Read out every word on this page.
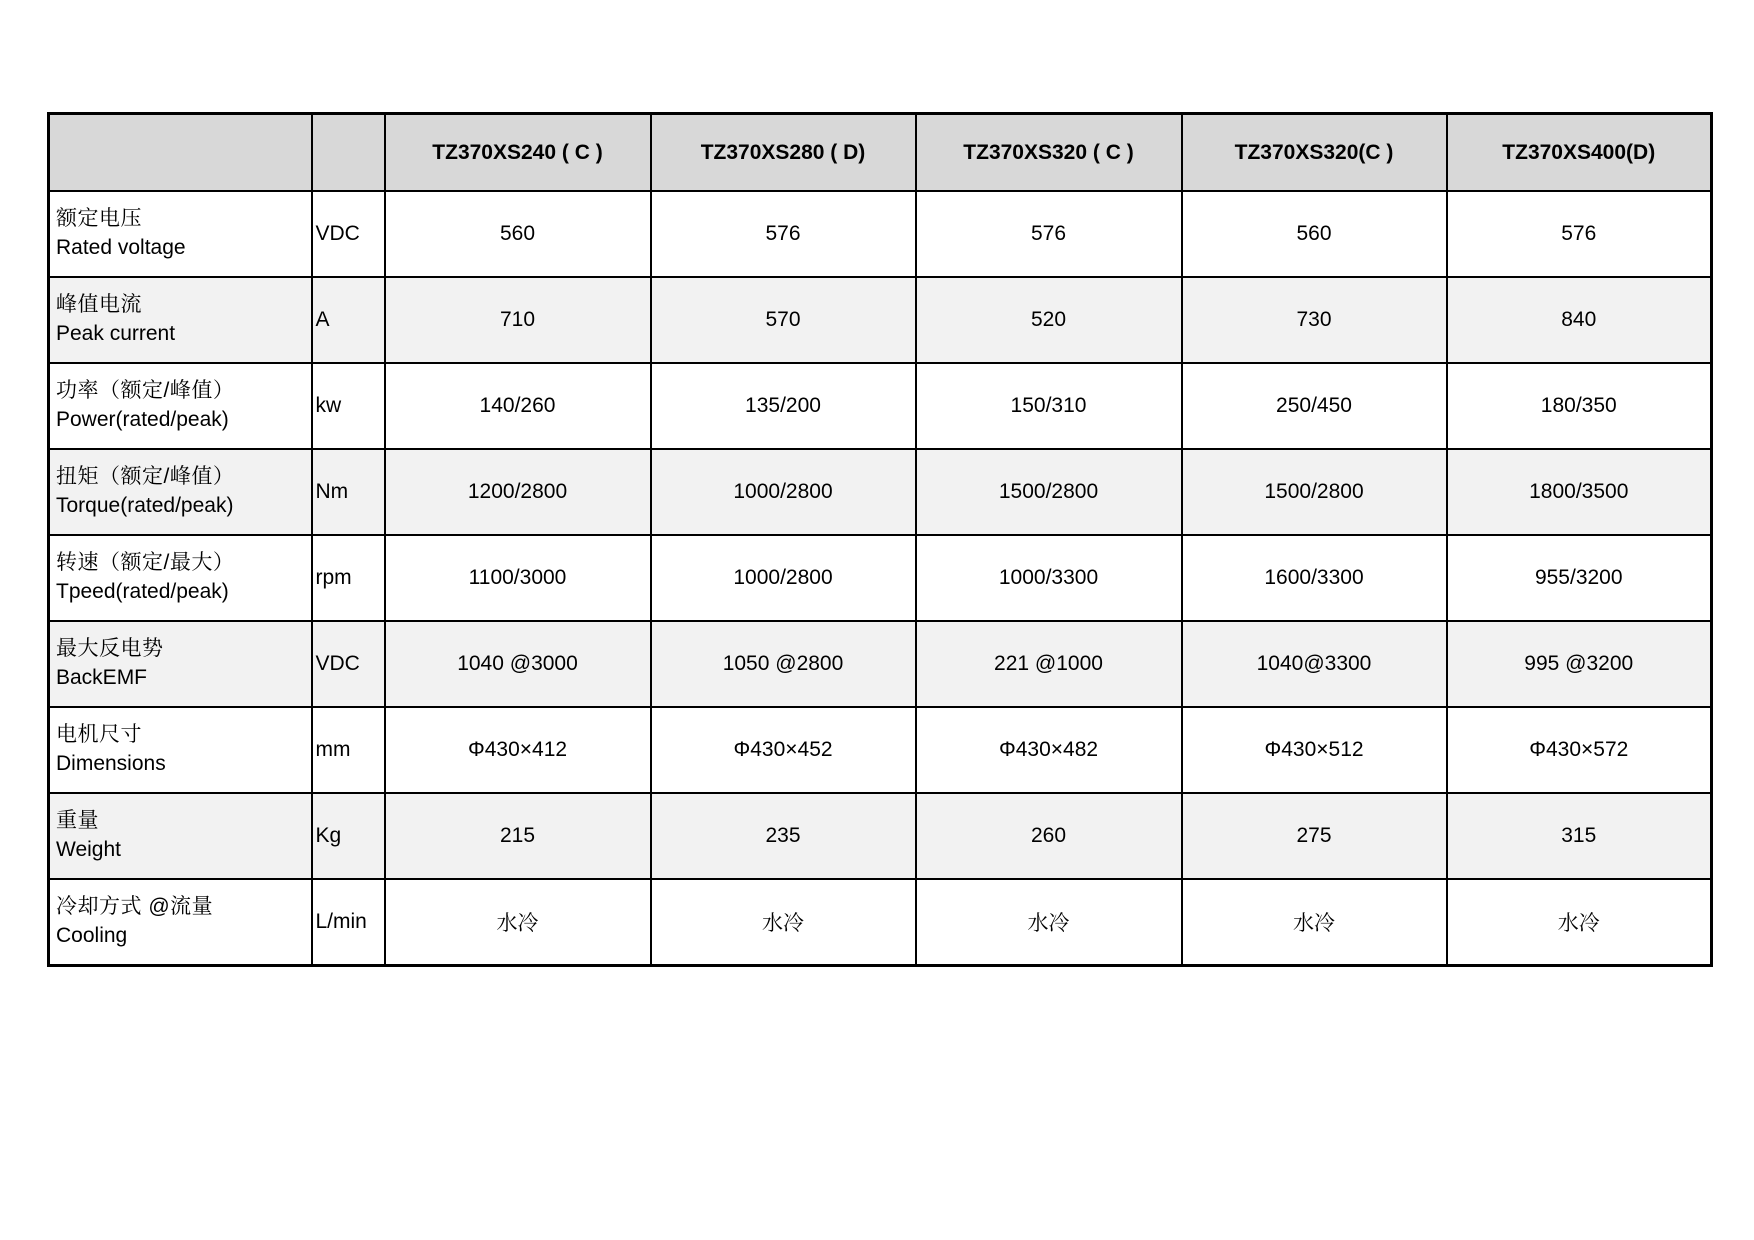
		TZ370XS240 ( C )	TZ370XS280 ( D)	TZ370XS320 ( C )	TZ370XS320(C )	TZ370XS400(D)

额定电压
Rated voltage	VDC	560	576	576	560	576

峰值电流
Peak current	A	710	570	520	730	840

功率（额定/峰值）
Power(rated/peak)	kw	140/260	135/200	150/310	250/450	180/350

扭矩（额定/峰值）
Torque(rated/peak)	Nm	1200/2800	1000/2800	1500/2800	1500/2800	1800/3500

转速（额定/最大）
Tpeed(rated/peak)	rpm	1100/3000	1000/2800	1000/3300	1600/3300	955/3200

最大反电势
BackEMF	VDC	1040 @3000	1050 @2800	221 @1000	1040@3300	995 @3200

电机尺寸
Dimensions	mm	Φ430×412	Φ430×452	Φ430×482	Φ430×512	Φ430×572

重量
Weight	Kg	215	235	260	275	315

冷却方式 @流量
Cooling	L/min	水冷	水冷	水冷	水冷	水冷
